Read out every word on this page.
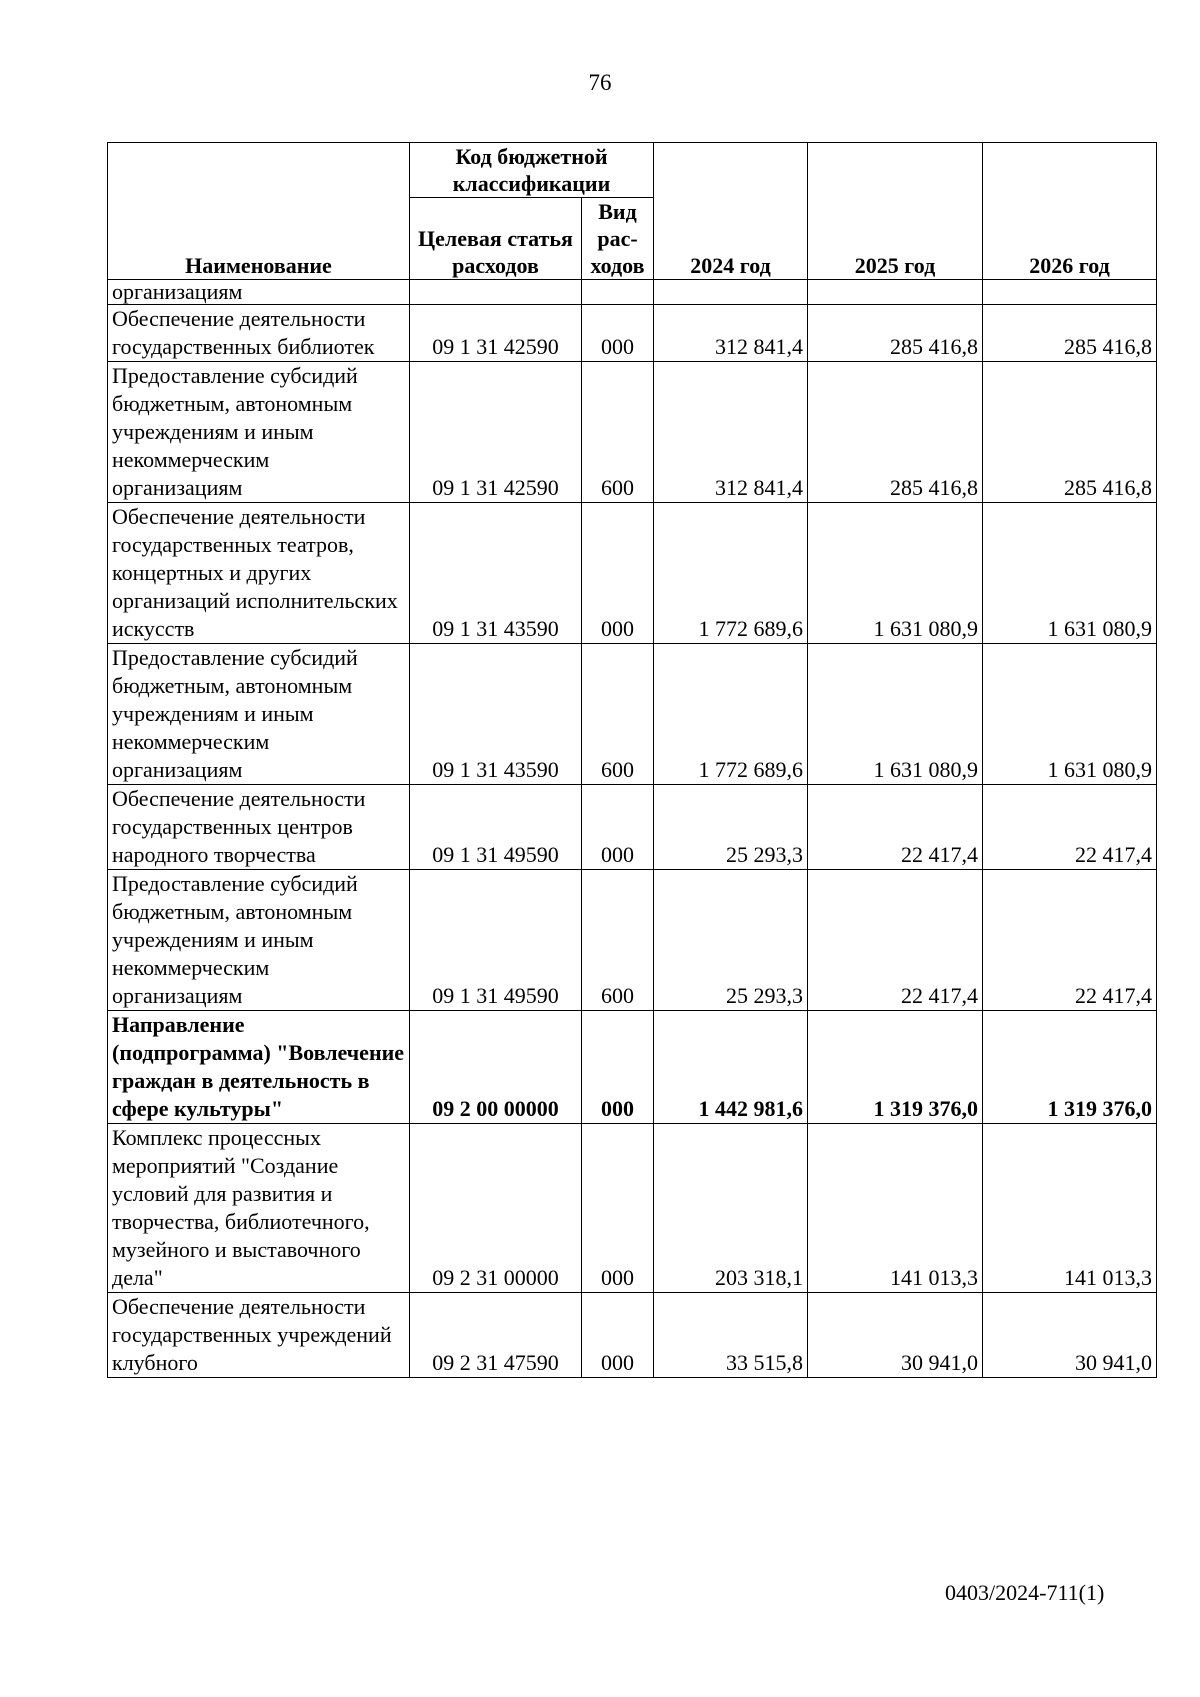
76
Наименование	Код бюджетной классификации		2024 год	2025 год	2026 год
	Целевая статья расходов	Вид рас-ходов			
организациям					
Обеспечение деятельности государственных библиотек	09 1 31 42590	000	312 841,4	285 416,8	285 416,8
Предоставление субсидий бюджетным, автономным учреждениям и иным некоммерческим организациям	09 1 31 42590	600	312 841,4	285 416,8	285 416,8
Обеспечение деятельности государственных театров, концертных и других организаций исполнительских искусств	09 1 31 43590	000	1 772 689,6	1 631 080,9	1 631 080,9
Предоставление субсидий бюджетным, автономным учреждениям и иным некоммерческим организациям	09 1 31 43590	600	1 772 689,6	1 631 080,9	1 631 080,9
Обеспечение деятельности государственных центров народного творчества	09 1 31 49590	000	25 293,3	22 417,4	22 417,4
Предоставление субсидий бюджетным, автономным учреждениям и иным некоммерческим организациям	09 1 31 49590	600	25 293,3	22 417,4	22 417,4
Направление (подпрограмма) "Вовлечение граждан в деятельность в сфере культуры"	09 2 00 00000	000	1 442 981,6	1 319 376,0	1 319 376,0
Комплекс процессных мероприятий "Создание условий для развития и творчества, библиотечного, музейного и выставочного дела"	09 2 31 00000	000	203 318,1	141 013,3	141 013,3
Обеспечение деятельности государственных учреждений клубного	09 2 31 47590	000	33 515,8	30 941,0	30 941,0
0403/2024-711(1)
